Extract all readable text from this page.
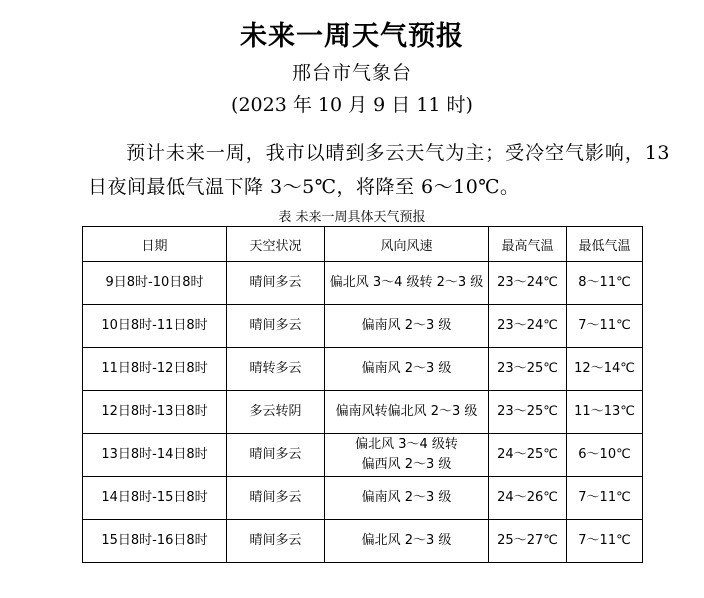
未来一周天气预报
邢台市气象台
(2023 年 10 月 9 日 11 时)
预计未来一周，我市以晴到多云天气为主；受冷空气影响，13 日夜间最低气温下降 3～5℃，将降至 6～10℃。
表 未来一周具体天气预报
日期	天空状况	风向风速	最高气温	最低气温
9日8时-10日8时	晴间多云	偏北风 3～4 级转 2～3 级	23～24℃	8～11℃
10日8时-11日8时	晴间多云	偏南风 2～3 级	23～24℃	7～11℃
11日8时-12日8时	晴转多云	偏南风 2～3 级	23～25℃	12～14℃
12日8时-13日8时	多云转阴	偏南风转偏北风 2～3 级	23～25℃	11～13℃
13日8时-14日8时	晴间多云	偏北风 3～4 级转
偏西风 2～3 级	24～25℃	6～10℃
14日8时-15日8时	晴间多云	偏南风 2～3 级	24～26℃	7～11℃
15日8时-16日8时	晴间多云	偏北风 2～3 级	25～27℃	7～11℃
